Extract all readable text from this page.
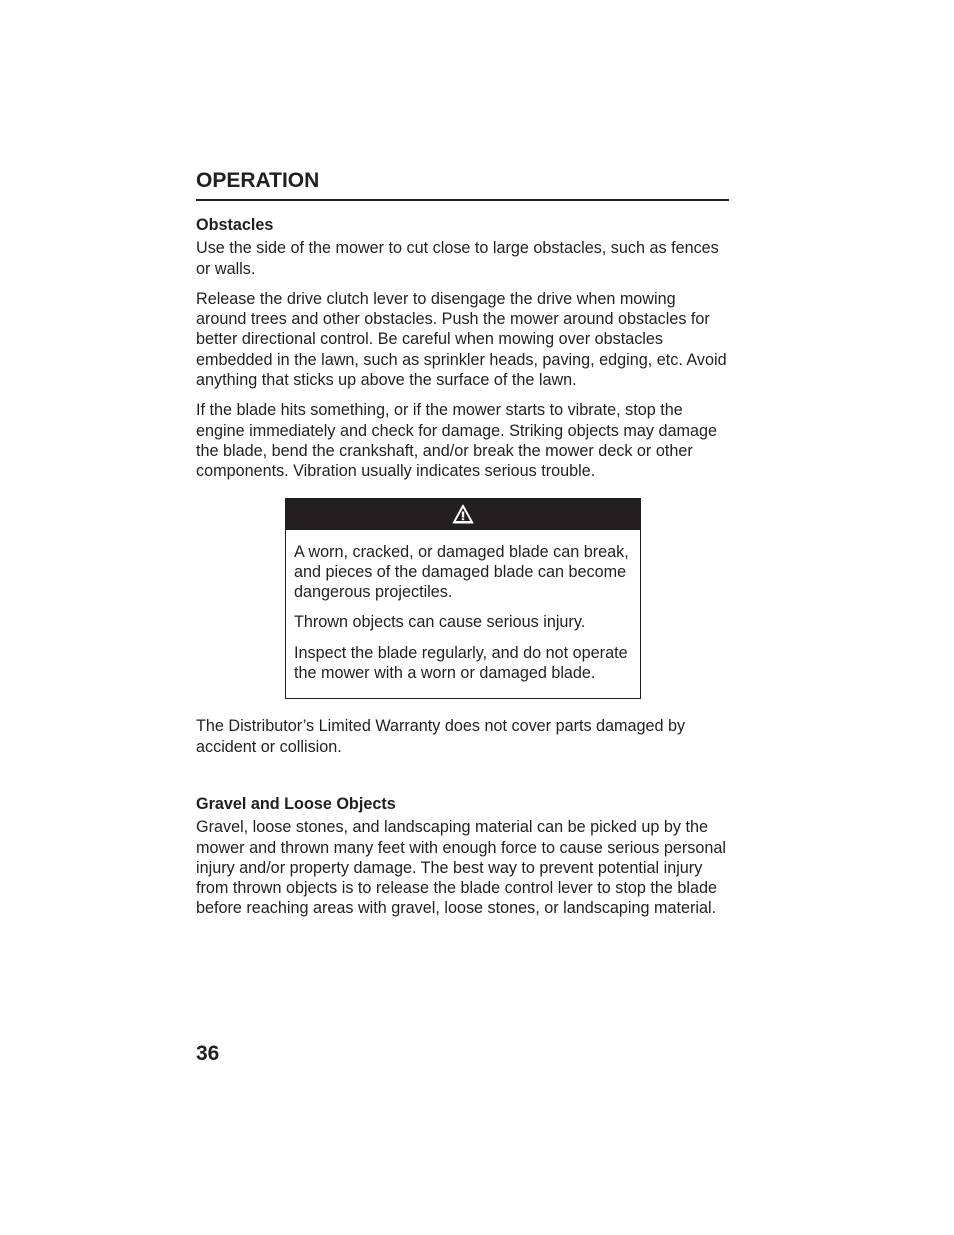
OPERATION
Obstacles

Use the side of the mower to cut close to large obstacles, such as fences or walls.

Release the drive clutch lever to disengage the drive when mowing around trees and other obstacles. Push the mower around obstacles for better directional control. Be careful when mowing over obstacles embedded in the lawn, such as sprinkler heads, paving, edging, etc. Avoid anything that sticks up above the surface of the lawn.

If the blade hits something, or if the mower starts to vibrate, stop the engine immediately and check for damage. Striking objects may damage the blade, bend the crankshaft, and/or break the mower deck or other components. Vibration usually indicates serious trouble.

A worn, cracked, or damaged blade can break, and pieces of the damaged blade can become dangerous projectiles.

Thrown objects can cause serious injury.

Inspect the blade regularly, and do not operate the mower with a worn or damaged blade.

The Distributor’s Limited Warranty does not cover parts damaged by accident or collision.

Gravel and Loose Objects

Gravel, loose stones, and landscaping material can be picked up by the mower and thrown many feet with enough force to cause serious personal injury and/or property damage. The best way to prevent potential injury from thrown objects is to release the blade control lever to stop the blade before reaching areas with gravel, loose stones, or landscaping material.

36
